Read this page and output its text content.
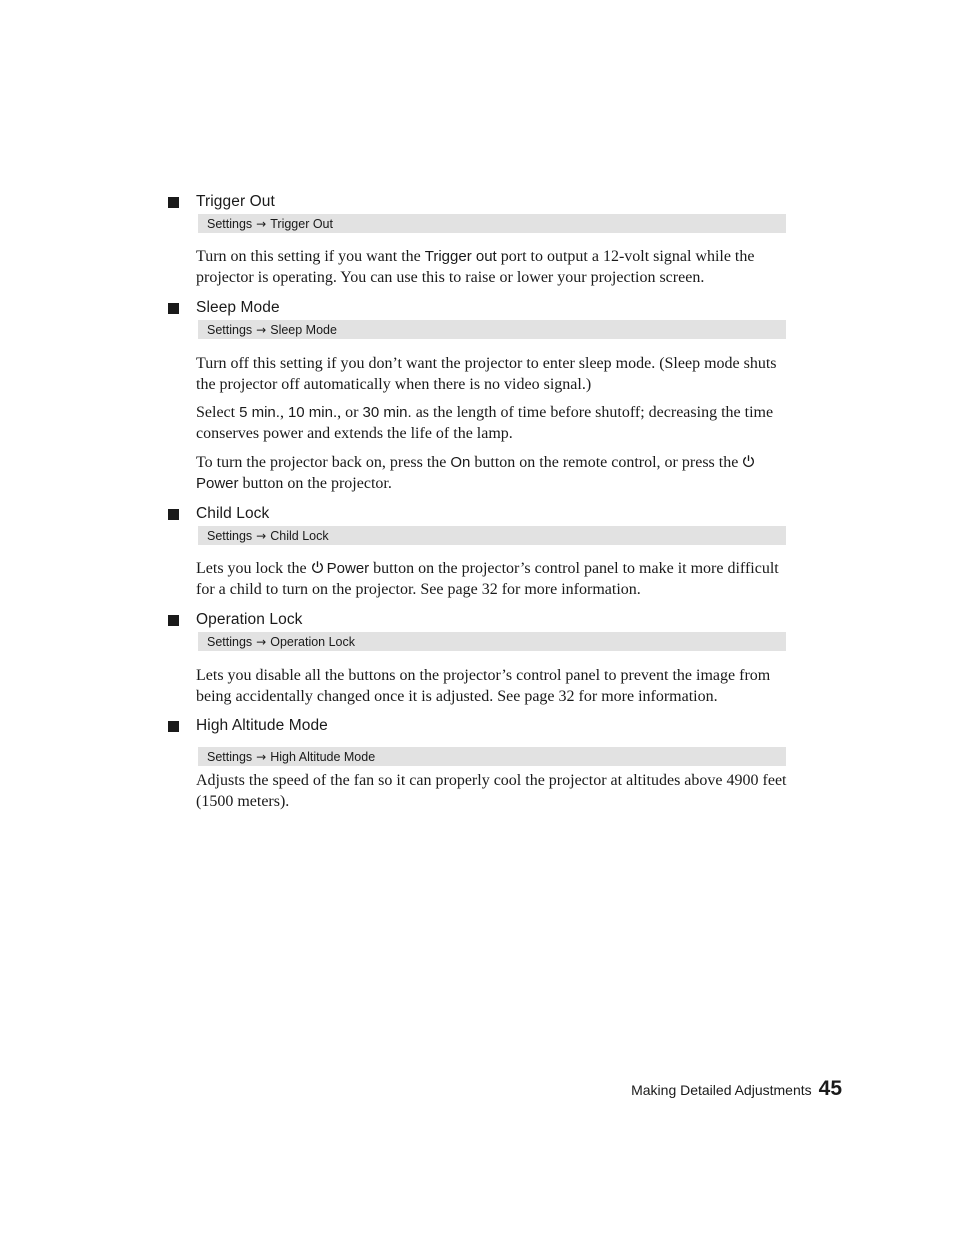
Trigger Out
Settings → Trigger Out

Turn on this setting if you want the Trigger out port to output a 12-volt signal while the projector is operating. You can use this to raise or lower your projection screen.

Sleep Mode
Settings → Sleep Mode

Turn off this setting if you don’t want the projector to enter sleep mode. (Sleep mode shuts the projector off automatically when there is no video signal.)

Select 5 min., 10 min., or 30 min. as the length of time before shutoff; decreasing the time conserves power and extends the life of the lamp.

To turn the projector back on, press the On button on the remote control, or press the Power button on the projector.

Child Lock
Settings → Child Lock

Lets you lock the Power button on the projector’s control panel to make it more difficult for a child to turn on the projector. See page 32 for more information.

Operation Lock
Settings → Operation Lock

Lets you disable all the buttons on the projector’s control panel to prevent the image from being accidentally changed once it is adjusted. See page 32 for more information.

High Altitude Mode
Settings → High Altitude Mode

Adjusts the speed of the fan so it can properly cool the projector at altitudes above 4900 feet (1500 meters).

Making Detailed Adjustments 45
